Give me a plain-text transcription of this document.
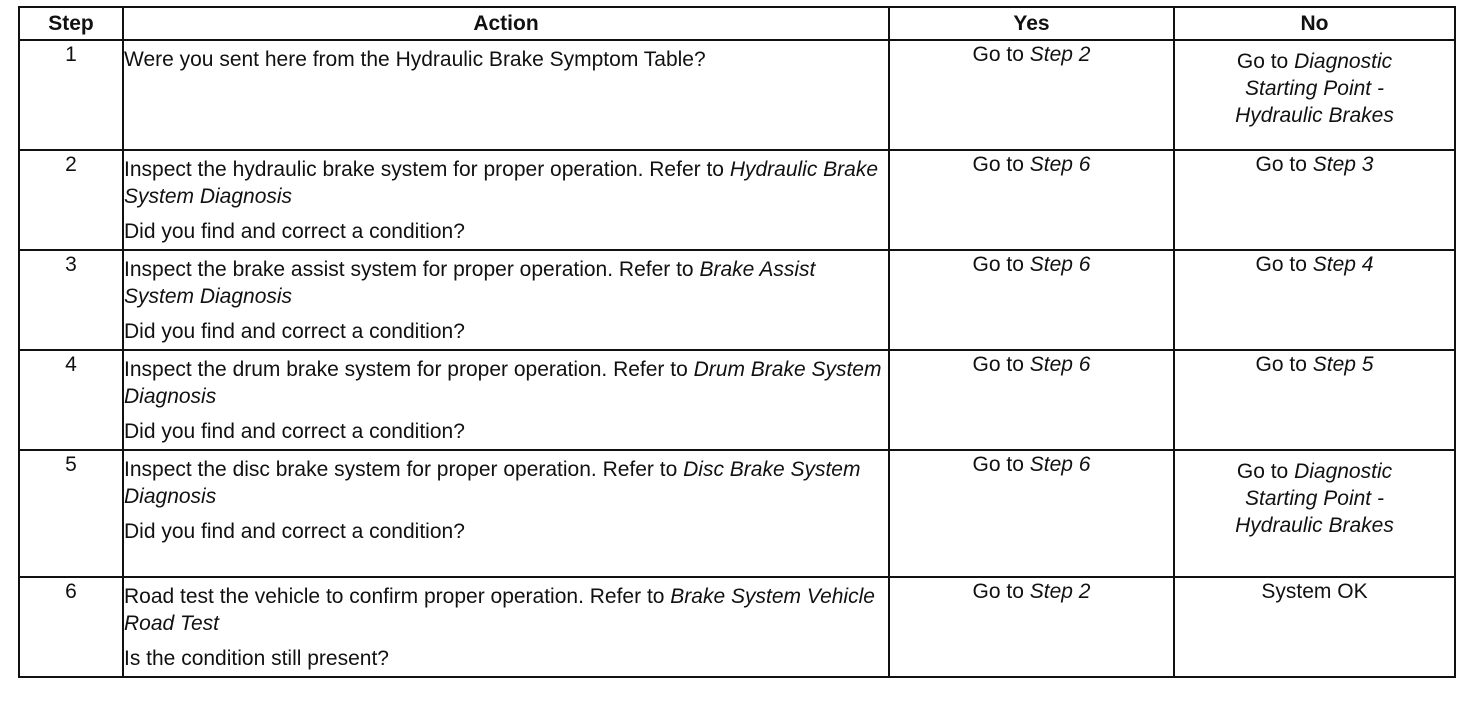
Step	Action	Yes	No
1	Were you sent here from the Hydraulic Brake Symptom Table?	Go to Step 2	Go to Diagnostic Starting Point - Hydraulic Brakes

2	Inspect the hydraulic brake system for proper operation. Refer to Hydraulic Brake System Diagnosis
Did you find and correct a condition?	Go to Step 6	Go to Step 3
3	Inspect the brake assist system for proper operation. Refer to Brake Assist System Diagnosis
Did you find and correct a condition?	Go to Step 6	Go to Step 4
4	Inspect the drum brake system for proper operation. Refer to Drum Brake System Diagnosis
Did you find and correct a condition?	Go to Step 6	Go to Step 5
5	Inspect the disc brake system for proper operation. Refer to Disc Brake System Diagnosis
Did you find and correct a condition?	Go to Step 6	Go to Diagnostic Starting Point - Hydraulic Brakes

6	Road test the vehicle to confirm proper operation. Refer to Brake System Vehicle Road Test
Is the condition still present?	Go to Step 2	System OK
